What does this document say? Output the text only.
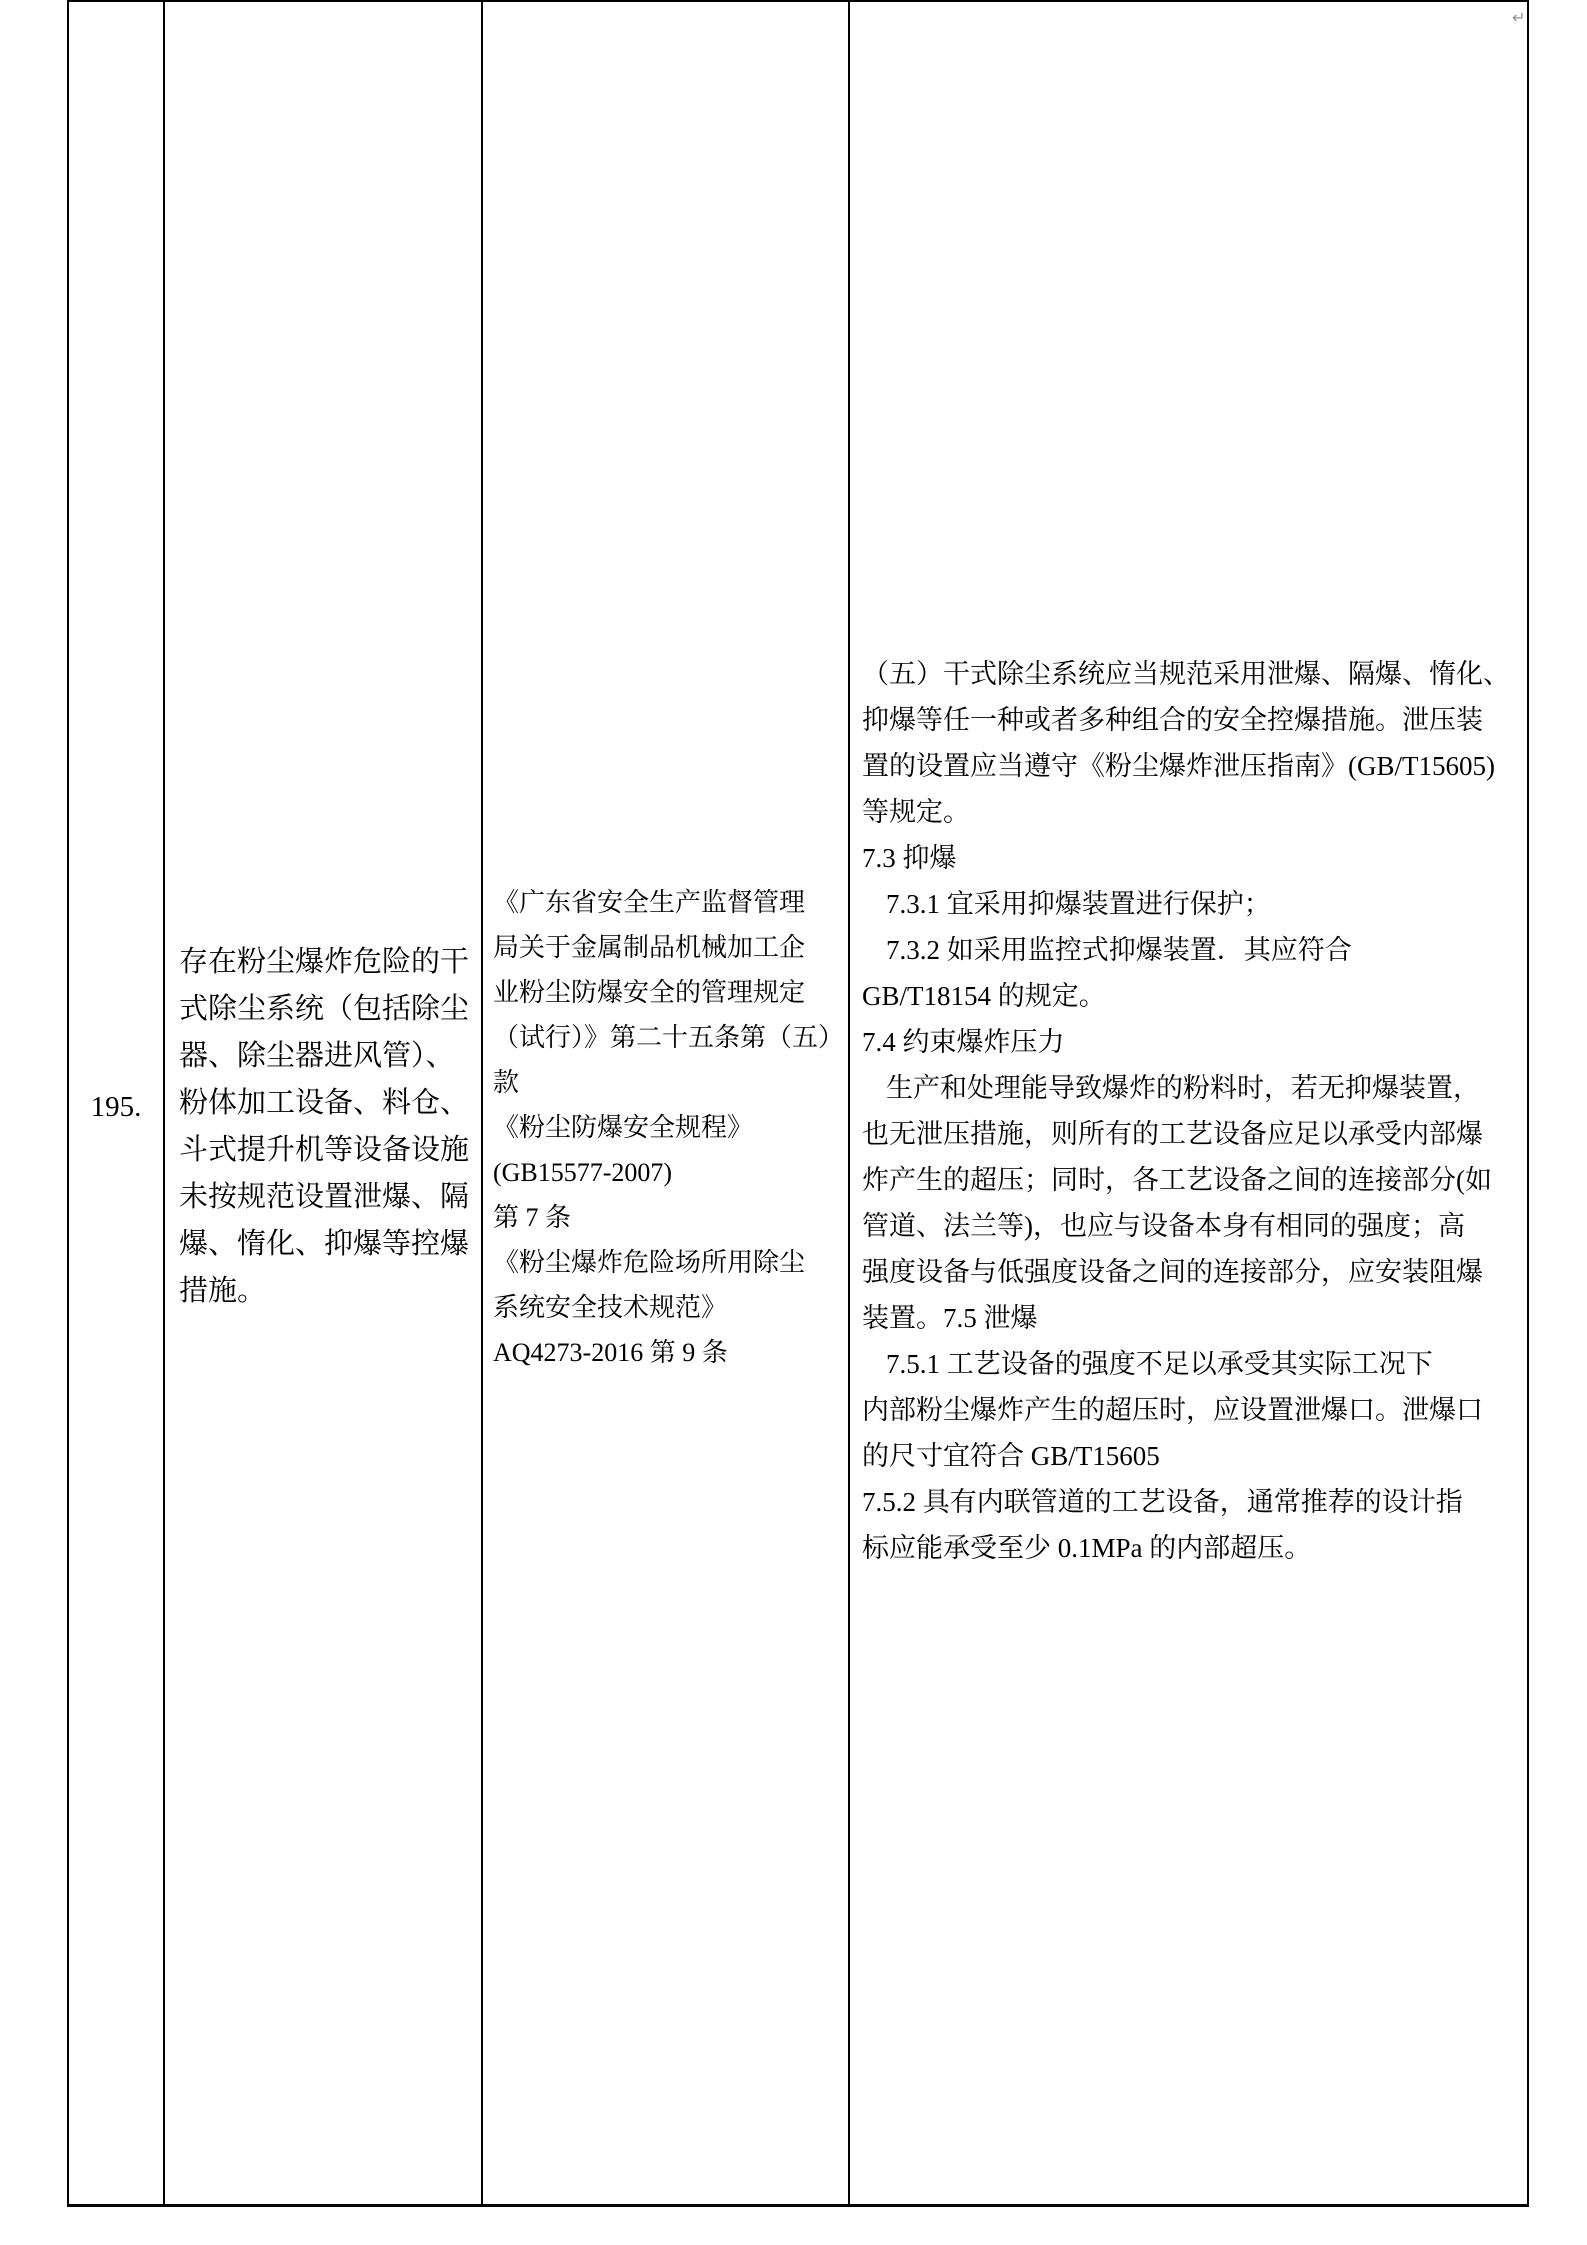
↵
195.
存在粉尘爆炸危险的干
式除尘系统（包括除尘
器、除尘器进风管）、
粉体加工设备、料仓、
斗式提升机等设备设施
未按规范设置泄爆、隔
爆、惰化、抑爆等控爆
措施。
《广东省安全生产监督管理
局关于金属制品机械加工企
业粉尘防爆安全的管理规定
（试行）》第二十五条第（五）
款
《粉尘防爆安全规程》
(GB15577-2007)
第 7 条
《粉尘爆炸危险场所用除尘
系统安全技术规范》
AQ4273-2016 第 9 条
（五）干式除尘系统应当规范采用泄爆、隔爆、惰化、
抑爆等任一种或者多种组合的安全控爆措施。泄压装
置的设置应当遵守《粉尘爆炸泄压指南》(GB/T15605)
等规定。
7.3 抑爆
7.3.1 宜采用抑爆装置进行保护；
7.3.2 如采用监控式抑爆装置．其应符合
GB/T18154 的规定。
7.4 约束爆炸压力
生产和处理能导致爆炸的粉料时，若无抑爆装置，
也无泄压措施，则所有的工艺设备应足以承受内部爆
炸产生的超压；同时，各工艺设备之间的连接部分(如
管道、法兰等)，也应与设备本身有相同的强度；高
强度设备与低强度设备之间的连接部分，应安装阻爆
装置。7.5 泄爆
7.5.1 工艺设备的强度不足以承受其实际工况下
内部粉尘爆炸产生的超压时，应设置泄爆口。泄爆口
的尺寸宜符合 GB/T15605
7.5.2 具有内联管道的工艺设备，通常推荐的设计指
标应能承受至少 0.1MPa 的内部超压。
